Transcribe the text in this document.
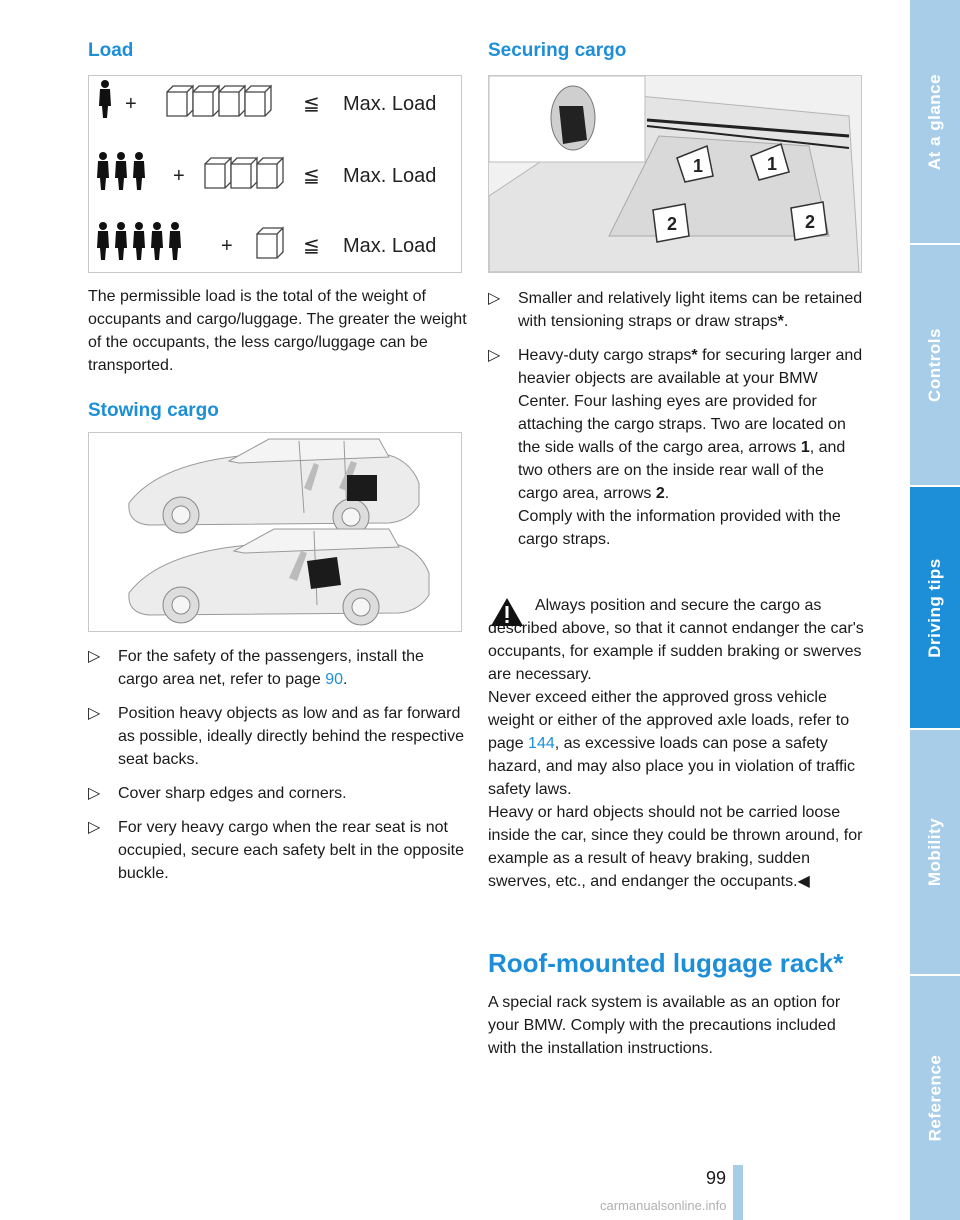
Load
+	≦ Max. Load
+	≦ Max. Load
+	≦ Max. Load

The permissible load is the total of the weight of occupants and cargo/luggage. The greater the weight of the occupants, the less cargo/luggage can be transported.

Stowing cargo
▷ For the safety of the passengers, install the cargo area net, refer to page 90.
▷ Position heavy objects as low and as far forward as possible, ideally directly behind the respective seat backs.
▷ Cover sharp edges and corners.
▷ For very heavy cargo when the rear seat is not occupied, secure each safety belt in the opposite buckle.
Securing cargo
1	1
2	2
▷ Smaller and relatively light items can be retained with tensioning straps or draw straps*.
▷ Heavy-duty cargo straps* for securing larger and heavier objects are available at your BMW Center. Four lashing eyes are provided for attaching the cargo straps. Two are located on the side walls of the cargo area, arrows 1, and two others are on the inside rear wall of the cargo area, arrows 2.
Comply with the information provided with the cargo straps.
Always position and secure the cargo as described above, so that it cannot endanger the car's occupants, for example if sudden braking or swerves are necessary.
Never exceed either the approved gross vehicle weight or either of the approved axle loads, refer to page 144, as excessive loads can pose a safety hazard, and may also place you in violation of traffic safety laws.
Heavy or hard objects should not be carried loose inside the car, since they could be thrown around, for example as a result of heavy braking, sudden swerves, etc., and endanger the occupants.◀
Roof-mounted luggage rack*

A special rack system is available as an option for your BMW. Comply with the precautions included with the installation instructions.

99
carmanualsonline.info
At a glance
Controls
Driving tips
Mobility
Reference
